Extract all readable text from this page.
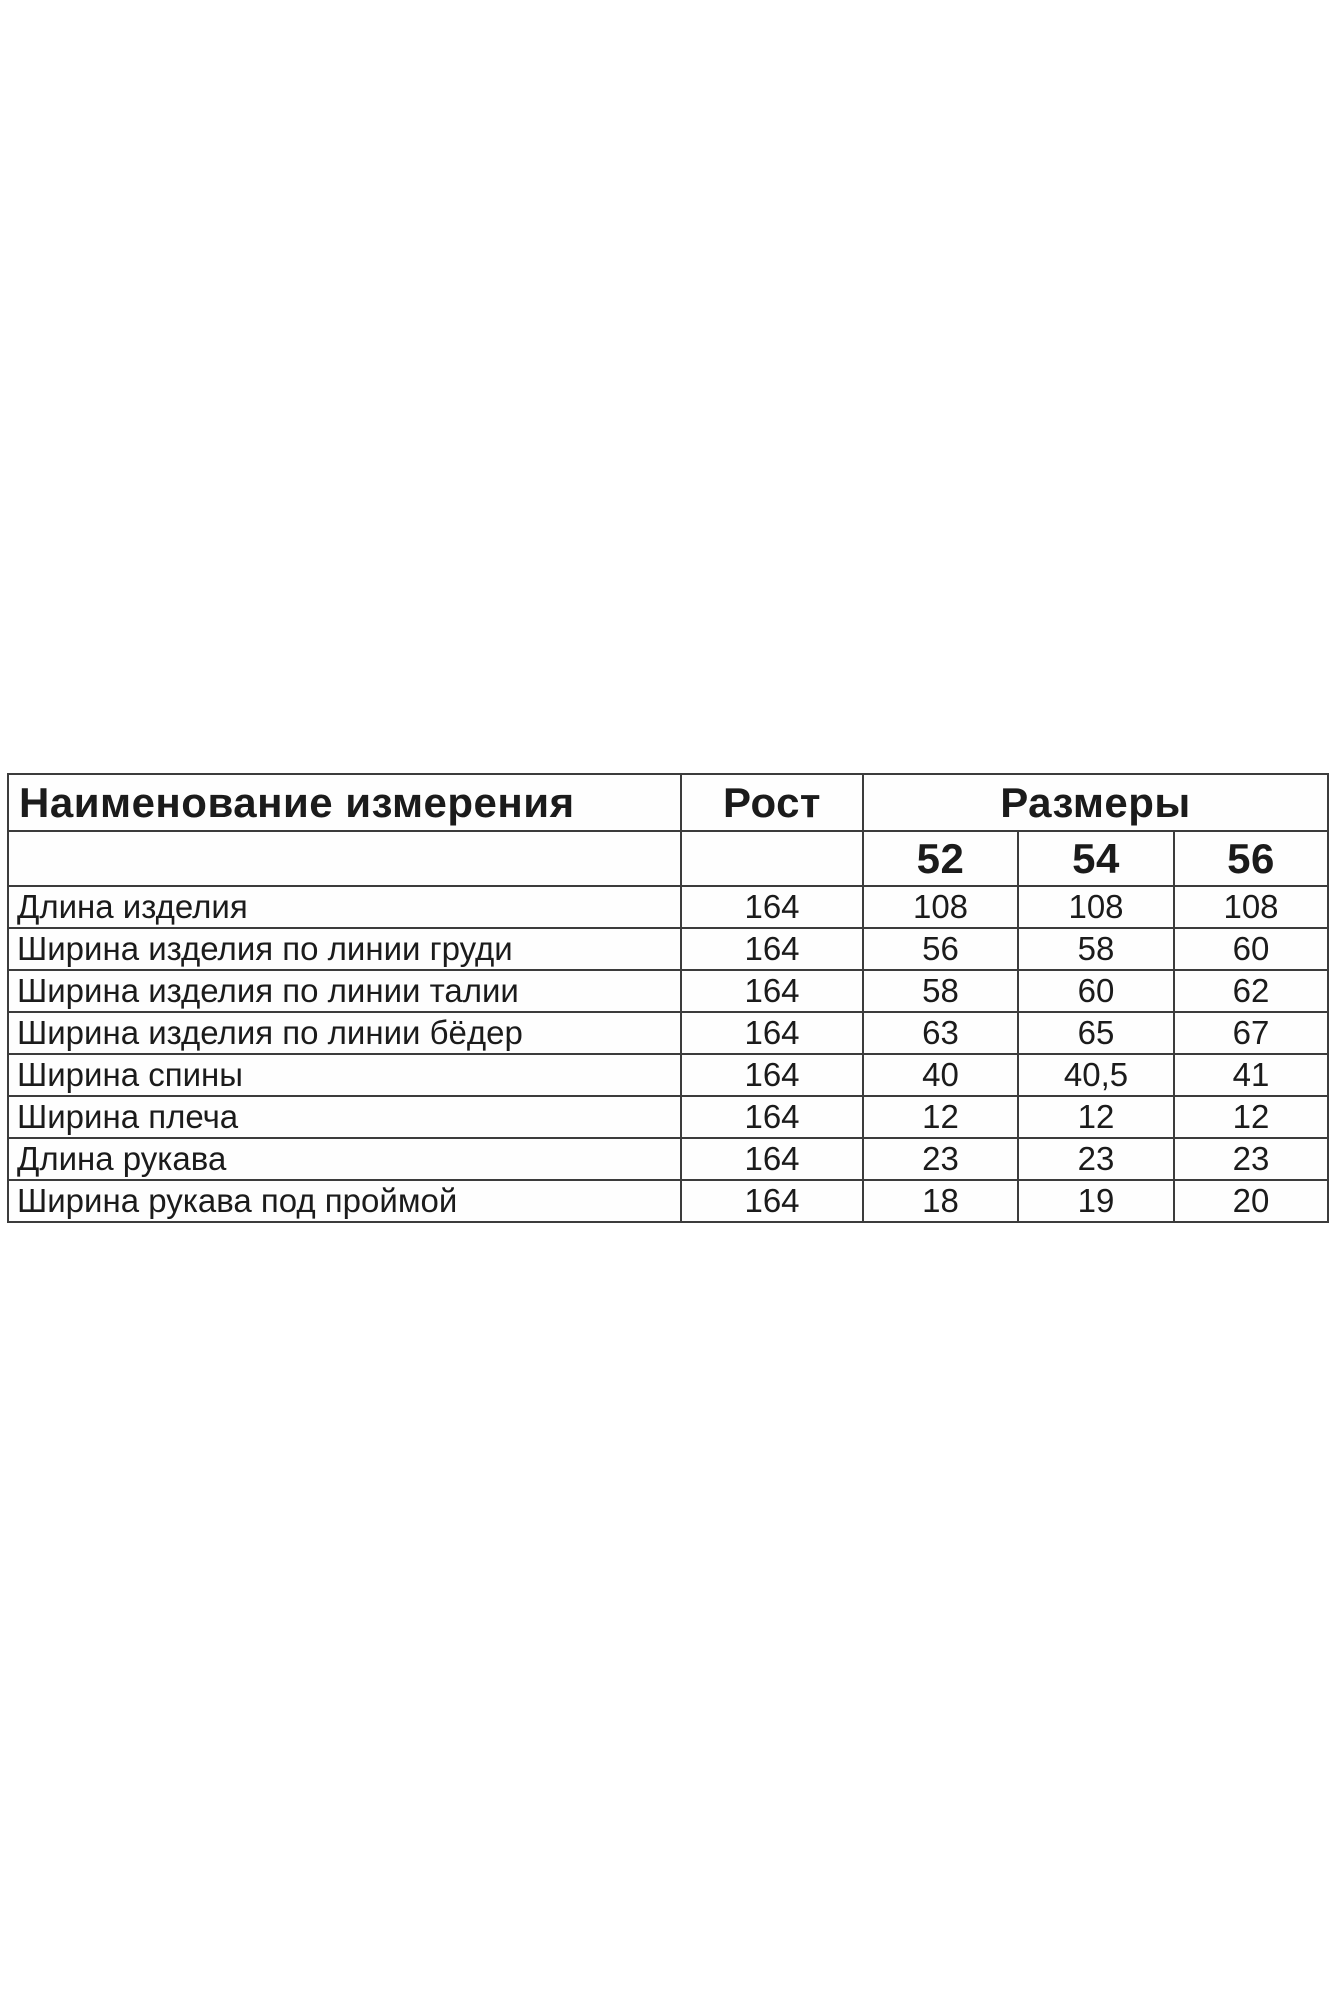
Наименование измерения	Рост	Размеры		
		52	54	56
Длина изделия	164	108	108	108
Ширина изделия по линии груди	164	56	58	60
Ширина изделия по линии талии	164	58	60	62
Ширина изделия по линии бёдер	164	63	65	67
Ширина спины	164	40	40,5	41
Ширина плеча	164	12	12	12
Длина рукава	164	23	23	23
Ширина рукава под проймой	164	18	19	20
